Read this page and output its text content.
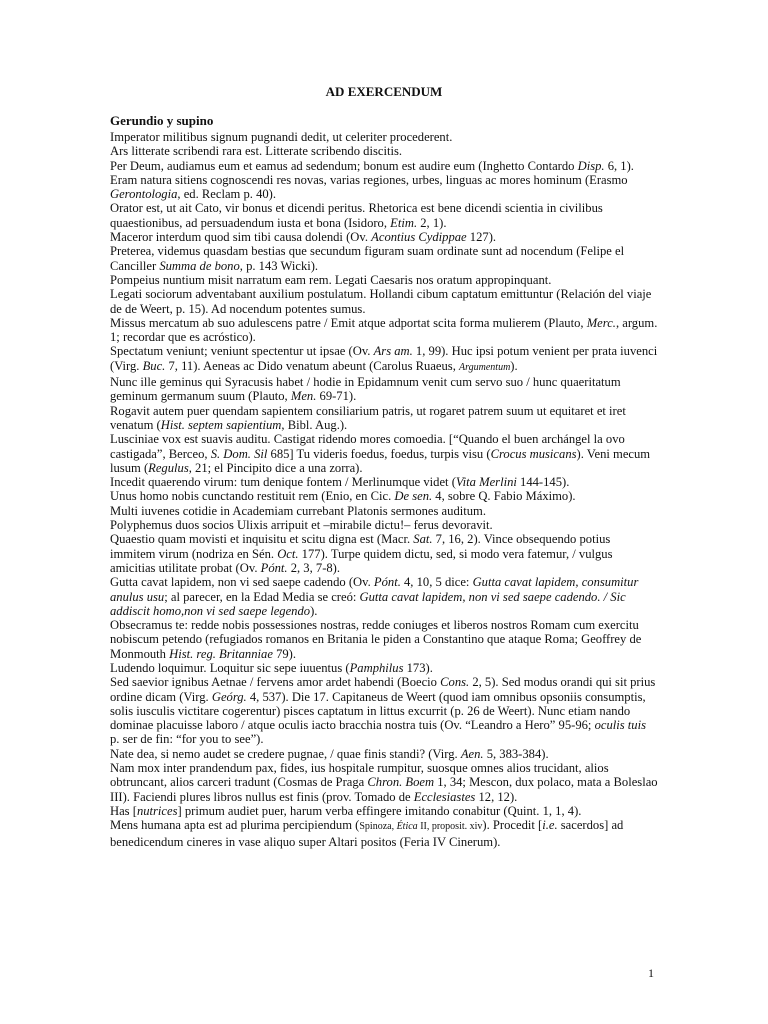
AD EXERCENDUM
Gerundio y supino

Imperator militibus signum pugnandi dedit, ut celeriter procederent.

Ars litterate scribendi rara est. Litterate scribendo discitis.

Per Deum, audiamus eum et eamus ad sedendum; bonum est audire eum (Inghetto Contardo Disp. 6, 1). Eram natura sitiens cognoscendi res novas, varias regiones, urbes, linguas ac mores hominum (Erasmo Gerontologia, ed. Reclam p. 40).

Orator est, ut ait Cato, vir bonus et dicendi peritus. Rhetorica est bene dicendi scientia in civilibus quaestionibus, ad persuadendum iusta et bona (Isidoro, Etim. 2, 1).

Maceror interdum quod sim tibi causa dolendi (Ov. Acontius Cydippae 127).

Preterea, videmus quasdam bestias que secundum figuram suam ordinate sunt ad nocendum (Felipe el Canciller Summa de bono, p. 143 Wicki).

Pompeius nuntium misit narratum eam rem. Legati Caesaris nos oratum appropinquant.

Legati sociorum adventabant auxilium postulatum. Hollandi cibum captatum emittuntur (Relación del viaje de de Weert, p. 15). Ad nocendum potentes sumus.

Missus mercatum ab suo adulescens patre / Emit atque adportat scita forma mulierem (Plauto, Merc., argum. 1; recordar que es acróstico).

Spectatum veniunt; veniunt spectentur ut ipsae (Ov. Ars am. 1, 99). Huc ipsi potum venient per prata iuvenci (Virg. Buc. 7, 11). Aeneas ac Dido venatum abeunt (Carolus Ruaeus, Argumentum).

Nunc ille geminus qui Syracusis habet / hodie in Epidamnum venit cum servo suo / hunc quaeritatum geminum germanum suum (Plauto, Men. 69-71).

Rogavit autem puer quendam sapientem consiliarium patris, ut rogaret patrem suum ut equitaret et iret venatum (Hist. septem sapientium, Bibl. Aug.).

Lusciniae vox est suavis auditu. Castigat ridendo mores comoedia. [“Quando el buen archángel la ovo castigada”, Berceo, S. Dom. Sil 685] Tu videris foedus, foedus, turpis visu (Crocus musicans). Veni mecum lusum (Regulus, 21; el Pincipito dice a una zorra).

Incedit quaerendo virum: tum denique fontem / Merlinumque videt (Vita Merlini 144-145).

Unus homo nobis cunctando restituit rem (Enio, en Cic. De sen. 4, sobre Q. Fabio Máximo).

Multi iuvenes cotidie in Academiam currebant Platonis sermones auditum.

Polyphemus duos socios Ulixis arripuit et –mirabile dictu!– ferus devoravit.

Quaestio quam movisti et inquisitu et scitu digna est (Macr. Sat. 7, 16, 2). Vince obsequendo potius immitem virum (nodriza en Sén. Oct. 177). Turpe quidem dictu, sed, si modo vera fatemur, / vulgus amicitias utilitate probat (Ov. Pónt. 2, 3, 7-8).

Gutta cavat lapidem, non vi sed saepe cadendo (Ov. Pónt. 4, 10, 5 dice: Gutta cavat lapidem, consumitur anulus usu; al parecer, en la Edad Media se creó: Gutta cavat lapidem, non vi sed saepe cadendo. / Sic addiscit homo,non vi sed saepe legendo).

Obsecramus te: redde nobis possessiones nostras, redde coniuges et liberos nostros Romam cum exercitu nobiscum petendo (refugiados romanos en Britania le piden a Constantino que ataque Roma; Geoffrey de Monmouth Hist. reg. Britanniae 79).

Ludendo loquimur. Loquitur sic sepe iuuentus (Pamphilus 173).

Sed saevior ignibus Aetnae / fervens amor ardet habendi (Boecio Cons. 2, 5). Sed modus orandi qui sit prius ordine dicam (Virg. Geórg. 4, 537). Die 17. Capitaneus de Weert (quod iam omnibus opsoniis consumptis, solis iusculis victitare cogerentur) pisces captatum in littus excurrit (p. 26 de Weert). Nunc etiam nando dominae placuisse laboro / atque oculis iacto bracchia nostra tuis (Ov. “Leandro a Hero” 95-96; oculis tuis p. ser de fin: “for you to see”).

Nate dea, si nemo audet se credere pugnae, / quae finis standi? (Virg. Aen. 5, 383-384).

Nam mox inter prandendum pax, fides, ius hospitale rumpitur, suosque omnes alios trucidant, alios obtruncant, alios carceri tradunt (Cosmas de Praga Chron. Boem 1, 34; Mescon, dux polaco, mata a Boleslao III). Faciendi plures libros nullus est finis (prov. Tomado de Ecclesiastes 12, 12).

Has [nutrices] primum audiet puer, harum verba effingere imitando conabitur (Quint. 1, 1, 4).

Mens humana apta est ad plurima percipiendum (Spinoza, Ética II, proposit. xiv). Procedit [i.e. sacerdos] ad benedicendum cineres in vase aliquo super Altari positos (Feria IV Cinerum).

1
